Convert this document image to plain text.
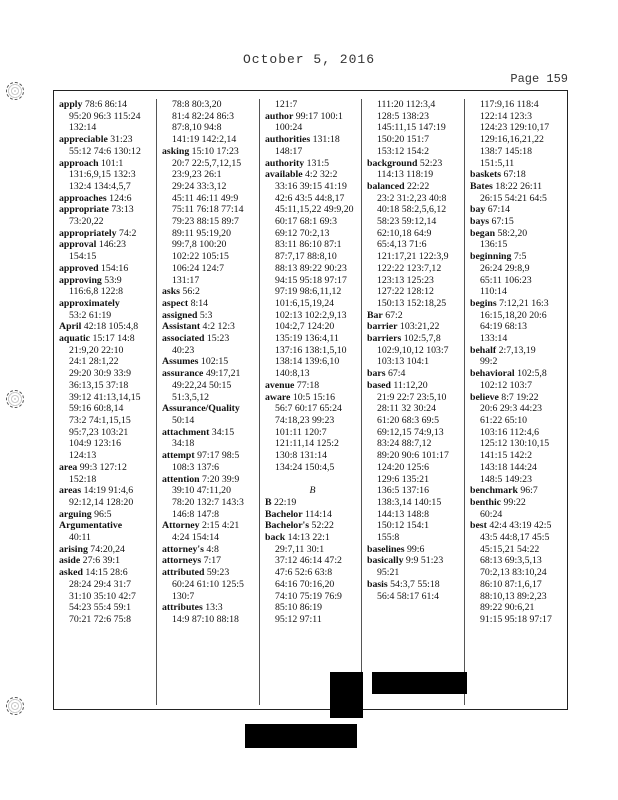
October 5, 2016
Page 159
apply 78:6 86:14
95:20 96:3 115:24
132:14
appreciable 31:23
55:12 74:6 130:12
approach 101:1
131:6,9,15 132:3
132:4 134:4,5,7
approaches 124:6
appropriate 73:13
73:20,22
appropriately 74:2
approval 146:23
154:15
approved 154:16
approving 53:9
116:6,8 122:8
approximately
53:2 61:19
April 42:18 105:4,8
aquatic 15:17 14:8
21:9,20 22:10
24:1 28:1,22
29:20 30:9 33:9
36:13,15 37:18
39:12 41:13,14,15
59:16 60:8,14
73:2 74:1,15,15
95:7,23 103:21
104:9 123:16
124:13
area 99:3 127:12
152:18
areas 14:19 91:4,6
92:12,14 128:20
arguing 96:5
Argumentative
40:11
arising 74:20,24
aside 27:6 39:1
asked 14:15 28:6
28:24 29:4 31:7
31:10 35:10 42:7
54:23 55:4 59:1
70:21 72:6 75:8
78:8 80:3,20
81:4 82:24 86:3
87:8,10 94:8
141:19 142:2,14
asking 15:10 17:23
20:7 22:5,7,12,15
23:9,23 26:1
29:24 33:3,12
45:11 46:11 49:9
75:11 76:18 77:14
79:23 88:15 89:7
89:11 95:19,20
99:7,8 100:20
102:22 105:15
106:24 124:7
131:17
asks 56:2
aspect 8:14
assigned 5:3
Assistant 4:2 12:3
associated 15:23
40:23
Assumes 102:15
assurance 49:17,21
49:22,24 50:15
51:3,5,12
Assurance/Quality
50:14
attachment 34:15
34:18
attempt 97:17 98:5
108:3 137:6
attention 7:20 39:9
39:10 47:11,20
78:20 132:7 143:3
146:8 147:8
Attorney 2:15 4:21
4:24 154:14
attorney's 4:8
attorneys 7:17
attributed 59:23
60:24 61:10 125:5
130:7
attributes 13:3
14:9 87:10 88:18
121:7
author 99:17 100:1
100:24
authorities 131:18
148:17
authority 131:5
available 4:2 32:2
33:16 39:15 41:19
42:6 43:5 44:8,17
45:11,15,22 49:9,20
60:17 68:1 69:3
69:12 70:2,13
83:11 86:10 87:1
87:7,17 88:8,10
88:13 89:22 90:23
94:15 95:18 97:17
97:19 98:6,11,12
101:6,15,19,24
102:13 102:2,9,13
104:2,7 124:20
135:19 136:4,11
137:16 138:1,5,10
138:14 139:6,10
140:8,13
avenue 77:18
aware 10:5 15:16
56:7 60:17 65:24
74:18,23 99:23
101:11 120:7
121:11,14 125:2
130:8 131:14
134:24 150:4,5

B
B 22:19
Bachelor 114:14
Bachelor's 52:22
back 14:13 22:1
29:7,11 30:1
37:12 46:14 47:2
47:6 52:6 63:8
64:16 70:16,20
74:10 75:19 76:9
85:10 86:19
95:12 97:11
111:20 112:3,4
128:5 138:23
145:11,15 147:19
150:20 151:7
153:12 154:2
background 52:23
114:13 118:19
balanced 22:22
23:2 31:2,23 40:8
40:18 58:2,5,6,12
58:23 59:12,14
62:10,18 64:9
65:4,13 71:6
121:17,21 122:3,9
122:22 123:7,12
123:13 125:23
127:22 128:12
150:13 152:18,25
Bar 67:2
barrier 103:21,22
barriers 102:5,7,8
102:9,10,12 103:7
103:13 104:1
bars 67:4
based 11:12,20
21:9 22:7 23:5,10
28:11 32 30:24
61:20 68:3 69:5
69:12,15 74:9,13
83:24 88:7,12
89:20 90:6 101:17
124:20 125:6
129:6 135:21
136:5 137:16
138:3,14 140:15
144:13 148:8
150:12 154:1
155:8
baselines 99:6
basically 9:9 51:23
95:21
basis 54:3,7 55:18
56:4 58:17 61:4
117:9,16 118:4
122:14 123:3
124:23 129:10,17
129:16,16,21,22
138:7 145:18
151:5,11
baskets 67:18
Bates 18:22 26:11
26:15 54:21 64:5
bay 67:14
bays 67:15
began 58:2,20
136:15
beginning 7:5
26:24 29:8,9
65:11 106:23
110:14
begins 7:12,21 16:3
16:15,18,20 20:6
64:19 68:13
133:14
behalf 2:7,13,19
99:2
behavioral 102:5,8
102:12 103:7
believe 8:7 19:22
20:6 29:3 44:23
61:22 65:10
103:16 112:4,6
125:12 130:10,15
141:15 142:2
143:18 144:24
148:5 149:23
benchmark 96:7
benthic 99:22
60:24
best 42:4 43:19 42:5
43:5 44:8,17 45:5
45:15,21 54:22
68:13 69:3,5,13
70:2,13 83:10,24
86:10 87:1,6,17
88:10,13 89:2,23
89:22 90:6,21
91:15 95:18 97:17
